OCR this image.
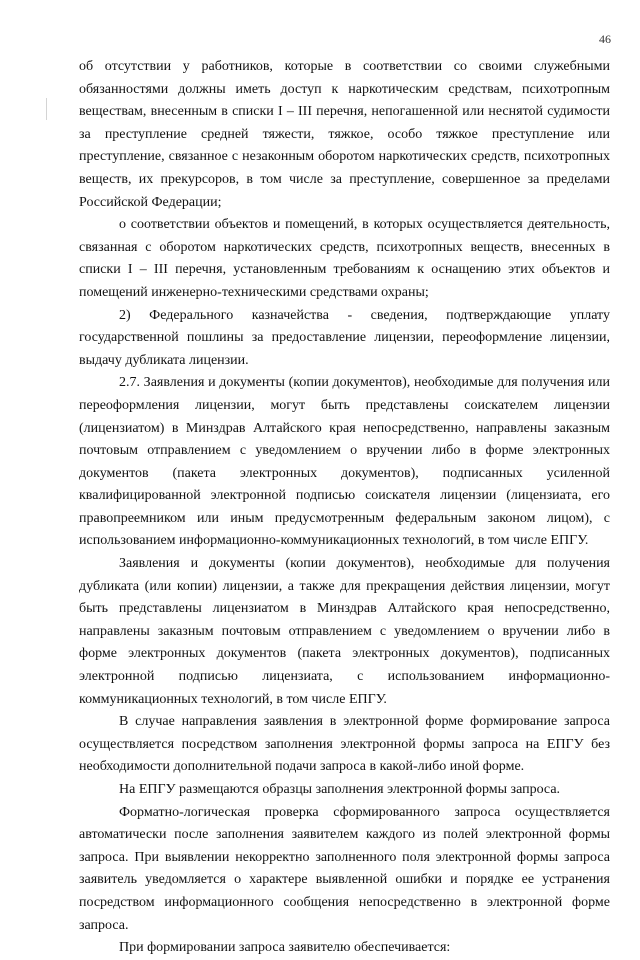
46

об отсутствии у работников, которые в соответствии со своими служебными обязанностями должны иметь доступ к наркотическим средствам, психотропным веществам, внесенным в списки I – III перечня, непогашенной или неснятой судимости за преступление средней тяжести, тяжкое, особо тяжкое преступление или преступление, связанное с незаконным оборотом наркотических средств, психотропных веществ, их прекурсоров, в том числе за преступление, совершенное за пределами Российской Федерации;

о соответствии объектов и помещений, в которых осуществляется деятельность, связанная с оборотом наркотических средств, психотропных веществ, внесенных в списки I – III перечня, установленным требованиям к оснащению этих объектов и помещений инженерно-техническими средствами охраны;

2) Федерального казначейства - сведения, подтверждающие уплату государственной пошлины за предоставление лицензии, переоформление лицензии, выдачу дубликата лицензии.

2.7. Заявления и документы (копии документов), необходимые для получения или переоформления лицензии, могут быть представлены соискателем лицензии (лицензиатом) в Минздрав Алтайского края непосредственно, направлены заказным почтовым отправлением с уведомлением о вручении либо в форме электронных документов (пакета электронных документов), подписанных усиленной квалифицированной электронной подписью соискателя лицензии (лицензиата, его правопреемником или иным предусмотренным федеральным законом лицом), с использованием информационно-коммуникационных технологий, в том числе ЕПГУ.

Заявления и документы (копии документов), необходимые для получения дубликата (или копии) лицензии, а также для прекращения действия лицензии, могут быть представлены лицензиатом в Минздрав Алтайского края непосредственно, направлены заказным почтовым отправлением с уведомлением о вручении либо в форме электронных документов (пакета электронных документов), подписанных электронной подписью лицензиата, с использованием информационно-коммуникационных технологий, в том числе ЕПГУ.

В случае направления заявления в электронной форме формирование запроса осуществляется посредством заполнения электронной формы запроса на ЕПГУ без необходимости дополнительной подачи запроса в какой-либо иной форме.

На ЕПГУ размещаются образцы заполнения электронной формы запроса.

Форматно-логическая проверка сформированного запроса осуществляется автоматически после заполнения заявителем каждого из полей электронной формы запроса. При выявлении некорректно заполненного поля электронной формы запроса заявитель уведомляется о характере выявленной ошибки и порядке ее устранения посредством информационного сообщения непосредственно в электронной форме запроса.

При формировании запроса заявителю обеспечивается:
